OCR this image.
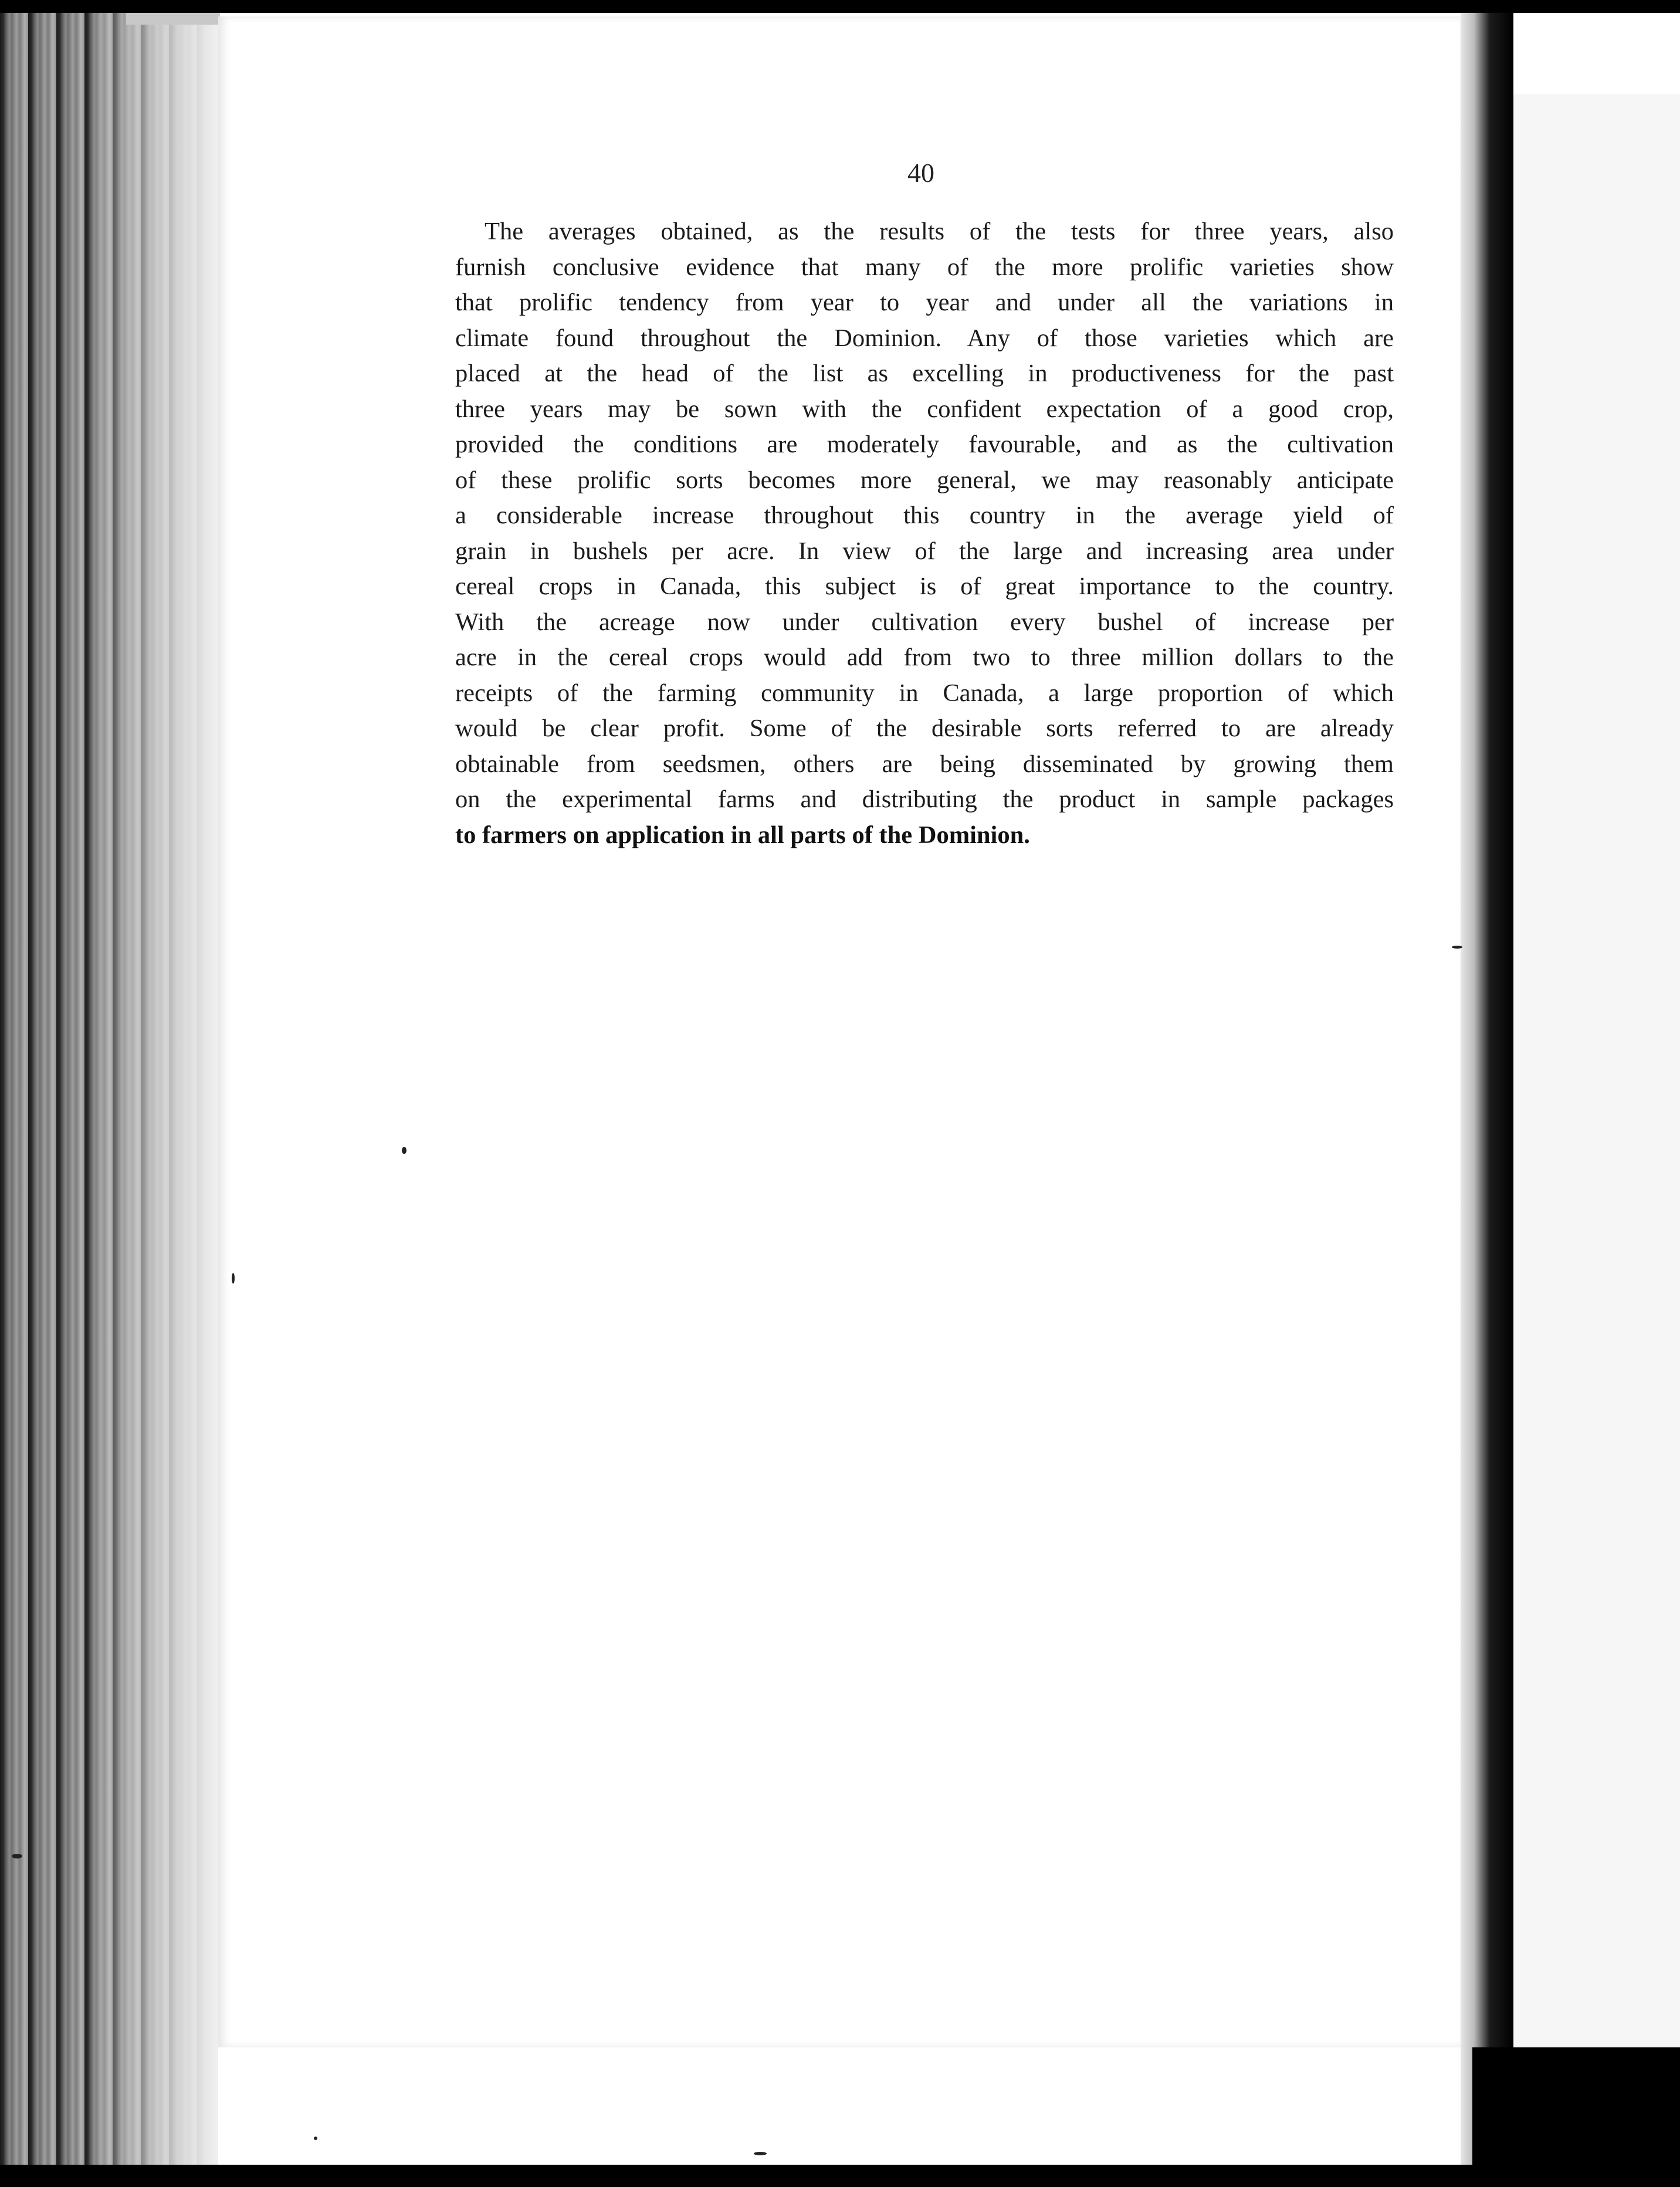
40

The averages obtained, as the results of the tests for three years, also
furnish conclusive evidence that many of the more prolific varieties show
that prolific tendency from year to year and under all the variations in
climate found throughout the Dominion. Any of those varieties which are
placed at the head of the list as excelling in productiveness for the past
three years may be sown with the confident expectation of a good crop,
provided the conditions are moderately favourable, and as the cultivation
of these prolific sorts becomes more general, we may reasonably anticipate
a considerable increase throughout this country in the average yield of
grain in bushels per acre. In view of the large and increasing area under
cereal crops in Canada, this subject is of great importance to the country.
With the acreage now under cultivation every bushel of increase per
acre in the cereal crops would add from two to three million dollars to the
receipts of the farming community in Canada, a large proportion of which
would be clear profit. Some of the desirable sorts referred to are already
obtainable from seedsmen, others are being disseminated by growing them
on the experimental farms and distributing the product in sample packages
to farmers on application in all parts of the Dominion.
